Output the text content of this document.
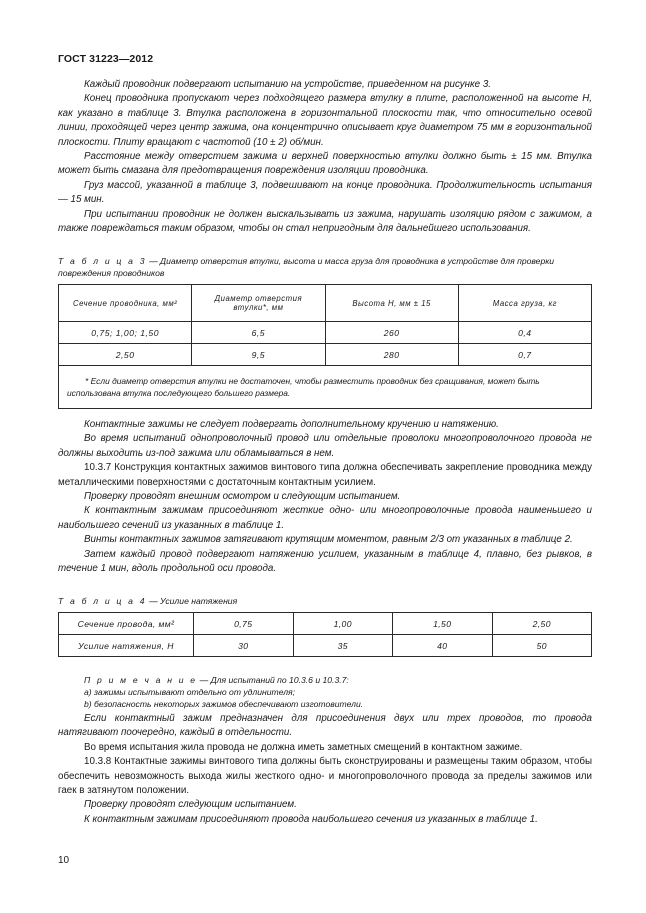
ГОСТ 31223—2012

Каждый проводник подвергают испытанию на устройстве, приведенном на рисунке 3.

Конец проводника пропускают через подходящего размера втулку в плите, расположенной на высоте Н, как указано в таблице 3. Втулка расположена в горизонтальной плоскости так, что относительно осевой линии, проходящей через центр зажима, она концентрично описывает круг диаметром 75 мм в горизонтальной плоскости. Плиту вращают с частотой (10 ± 2) об/мин.

Расстояние между отверстием зажима и верхней поверхностью втулки должно быть ± 15 мм. Втулка может быть смазана для предотвращения повреждения изоляции проводника.

Груз массой, указанной в таблице 3, подвешивают на конце проводника. Продолжительность испытания — 15 мин.

При испытании проводник не должен выскальзывать из зажима, нарушать изоляцию рядом с зажимом, а также повреждаться таким образом, чтобы он стал непригодным для дальнейшего использования.

Т а б л и ц а 3 — Диаметр отверстия втулки, высота и масса груза для проводника в устройстве для проверки повреждения проводников
Сечение проводника, мм²	Диаметр отверстия втулки*, мм	Высота Н, мм ± 15	Масса груза, кг
0,75; 1,00; 1,50	6,5	260	0,4
2,50	9,5	280	0,7
* Если диаметр отверстия втулки не достаточен, чтобы разместить проводник без сращивания, может быть использована втулка последующего большего размера.			

Контактные зажимы не следует подвергать дополнительному кручению и натяжению.

Во время испытаний однопроволочный провод или отдельные проволоки многопроволочного провода не должны выходить из-под зажима или обламываться в нем.

10.3.7 Конструкция контактных зажимов винтового типа должна обеспечивать закрепление проводника между металлическими поверхностями с достаточным контактным усилием.

Проверку проводят внешним осмотром и следующим испытанием.

К контактным зажимам присоединяют жесткие одно- или многопроволочные провода наименьшего и наибольшего сечений из указанных в таблице 1.

Винты контактных зажимов затягивают крутящим моментом, равным 2/3 от указанных в таблице 2.

Затем каждый провод подвергают натяжению усилием, указанным в таблице 4, плавно, без рывков, в течение 1 мин, вдоль продольной оси провода.

Т а б л и ц а 4 — Усилие натяжения
Сечение провода, мм²	0,75	1,00	1,50	2,50
Усилие натяжения, Н	30	35	40	50
П р и м е ч а н и е — Для испытаний по 10.3.6 и 10.3.7:
а) зажимы испытывают отдельно от удлинителя;
b) безопасность некоторых зажимов обеспечивают изготовители.

Если контактный зажим предназначен для присоединения двух или трех проводов, то провода натягивают поочередно, каждый в отдельности.

Во время испытания жила провода не должна иметь заметных смещений в контактном зажиме.

10.3.8 Контактные зажимы винтового типа должны быть сконструированы и размещены таким образом, чтобы обеспечить невозможность выхода жилы жесткого одно- и многопроволочного провода за пределы зажимов или гаек в затянутом положении.

Проверку проводят следующим испытанием.

К контактным зажимам присоединяют провода наибольшего сечения из указанных в таблице 1.

10
